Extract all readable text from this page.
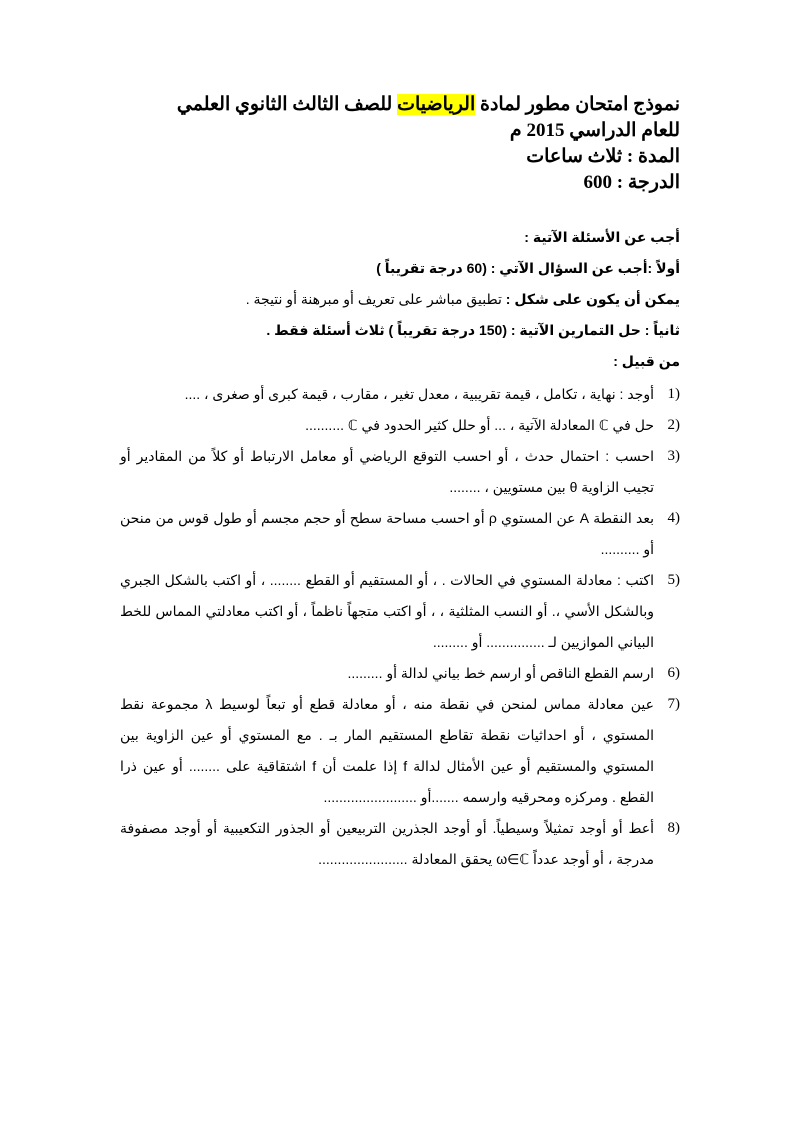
نموذج امتحان مطور لمادة الرياضيات للصف الثالث الثانوي العلمي
للعام الدراسي 2015 م
المدة : ثلاث ساعات
الدرجة : 600
أجب عن الأسئلة الآتية :
أولاً :أجب عن السؤال الآتي : (60 درجة تقريباً )
يمكن أن يكون على شكل : تطبيق مباشر على تعريف أو مبرهنة أو نتيجة .
ثانياً : حل التمارين الآتية : (150 درجة تقريباً ) ثلاث أسئلة فقط .
من قبيل :
1)
أوجد : نهاية ، تكامل ، قيمة تقريبية ، معدل تغير ، مقارب ، قيمة كبرى أو صغرى ، ....
2)
حل في ℂ المعادلة الآتية ، ... أو حلل كثير الحدود في ℂ ..........
3)
احسب : احتمال حدث ، أو احسب التوقع الرياضي أو معامل الارتباط أو كلاً من المقادير أو تجيب الزاوية θ بين مستويين ، ........
4)
بعد النقطة A عن المستوي ρ أو احسب مساحة سطح أو حجم مجسم أو طول قوس من منحن أو ..........
5)
اكتب : معادلة المستوي في الحالات . ، أو المستقيم أو القطع ........ ، أو اكتب بالشكل الجبري وبالشكل الأسي ،. أو النسب المثلثية ، ، أو اكتب متجهاً ناظماً ، أو اكتب معادلتي المماس للخط البياني الموازيين لـ ............... أو .........
6)
ارسم القطع الناقص أو ارسم خط بياني لدالة أو .........
7)
عين معادلة مماس لمنحن في نقطة منه ، أو معادلة قطع أو تبعاً لوسيط λ مجموعة نقط المستوي ، أو احداثيات نقطة تقاطع المستقيم المار بـ . مع المستوي أو عين الزاوية بين المستوي والمستقيم أو عين الأمثال لدالة f إذا علمت أن f اشتقاقية على ........ أو عين ذرا القطع . ومركزه ومحرقيه وارسمه .......أو ........................
8)
أعط أو أوجد تمثيلاً وسيطياً. أو أوجد الجذرين التربيعين أو الجذور التكعيبية أو أوجد مصفوفة مدرجة ، أو أوجد عدداً ω∈ℂ يحقق المعادلة .......................
